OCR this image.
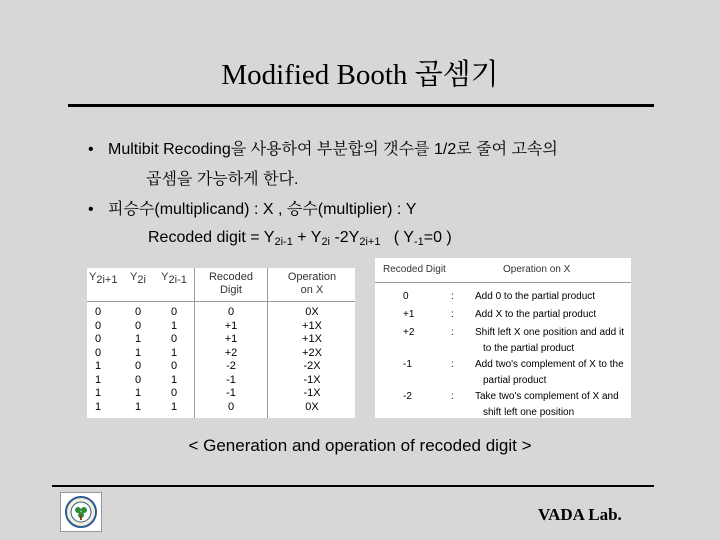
Modified Booth 곱셈기
• Multibit Recoding을 사용하여 부분합의 갯수를 1/2로 줄여 고속의
곱셈을 가능하게 한다.
• 피승수(multiplicand) : X , 승수(multiplier) : Y
Recoded digit = $Y_{2i-1} + Y_{2i}$ $-2Y_{2i+1}$   ( $Y_{-1}=0$ )
Y2i+1	Y2i	Y2i-1	Recoded
Digit
Operation
on X
0	0	0	0	0X
0	0	1	+1	+1X
0	1	0	+1	+1X
0	1	1	+2	+2X
1	0	0	-2	-2X
1	0	1	-1	-1X
1	1	0	-1	-1X
1	1	1	0	0X
Recoded Digit	Operation on X
0	: Add 0 to the partial product
+1	: Add X to the partial product
+2	: Shift left X one position and add it
to the partial product
-1	: Add two's complement of X to the
partial product
-2	: Take two's complement of X and
shift left one position
< Generation and operation of recoded digit >
VADA Lab.
